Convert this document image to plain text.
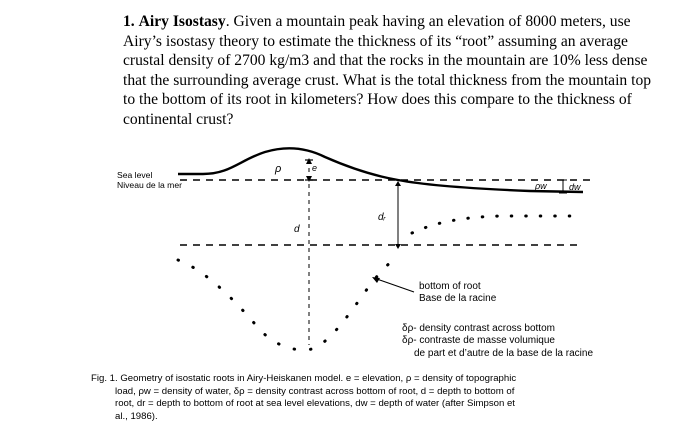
1. Airy Isostasy. Given a mountain peak having an elevation of 8000 meters, use
Airy’s isostasy theory to estimate the thickness of its “root” assuming an average
crustal density of 2700 kg/m3 and that the rocks in the mountain are 10% less dense
that the surrounding average crust. What is the total thickness from the mountain top
to the bottom of its root in kilometers? How does this compare to the thickness of
continental crust?
Sea level
Niveau de la mer
ρ	e
d
dᵣ
ρw dw
bottom of root
Base de la racine
δρ- density contrast across bottom
δρ- contraste de masse volumique
de part et d’autre de la base de la racine
Fig. 1. Geometry of isostatic roots in Airy-Heiskanen model. e = elevation, ρ = density of topographic
load, ρw = density of water, δρ = density contrast across bottom of root, d = depth to bottom of
root, dr = depth to bottom of root at sea level elevations, dw = depth of water (after Simpson et
al., 1986).
